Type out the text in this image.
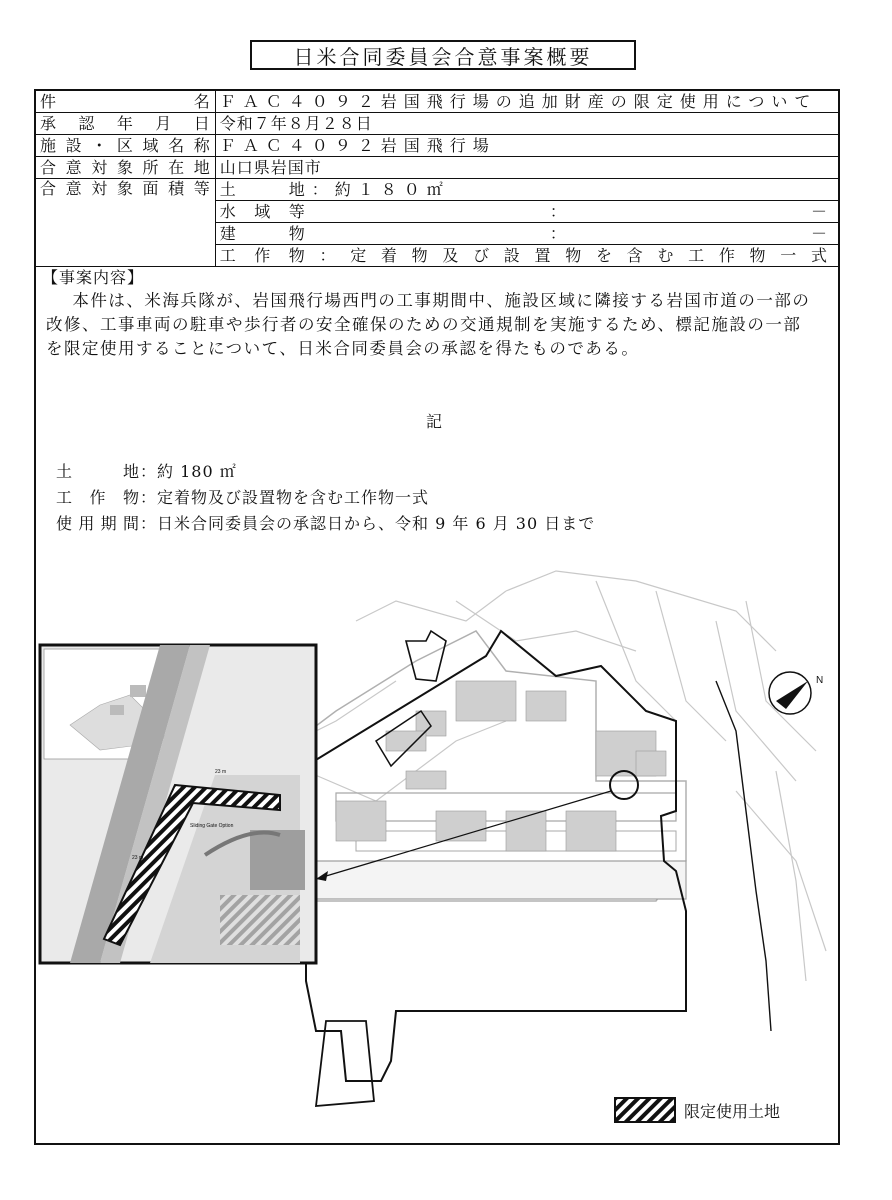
日米合同委員会合意事案概要
件名	ＦＡＣ４０９２岩国飛行場の追加財産の限定使用について
承認年月日	令和７年８月２８日
施設・区域名称	ＦＡＣ４０９２岩国飛行場
合意対象所在地	山口県岩国市
合意対象面積等	土地：約１８０㎡
	水域等：－
	建物：－
	工作物：定着物及び設置物を含む工作物一式
【事案内容】
本件は、米海兵隊が、岩国飛行場西門の工事期間中、施設区域に隣接する岩国市道の一部の改修、工事車両の駐車や歩行者の安全確保のための交通規制を実施するため、標記施設の一部を限定使用することについて、日米合同委員会の承認を得たものである。
記
土地：約 180 ㎡
工作物：定着物及び設置物を含む工作物一式
使用期間：日米合同委員会の承認日から、令和 9 年 6 月 30 日まで
N
Sliding Gate Option
23 m
23 m
限定使用土地
